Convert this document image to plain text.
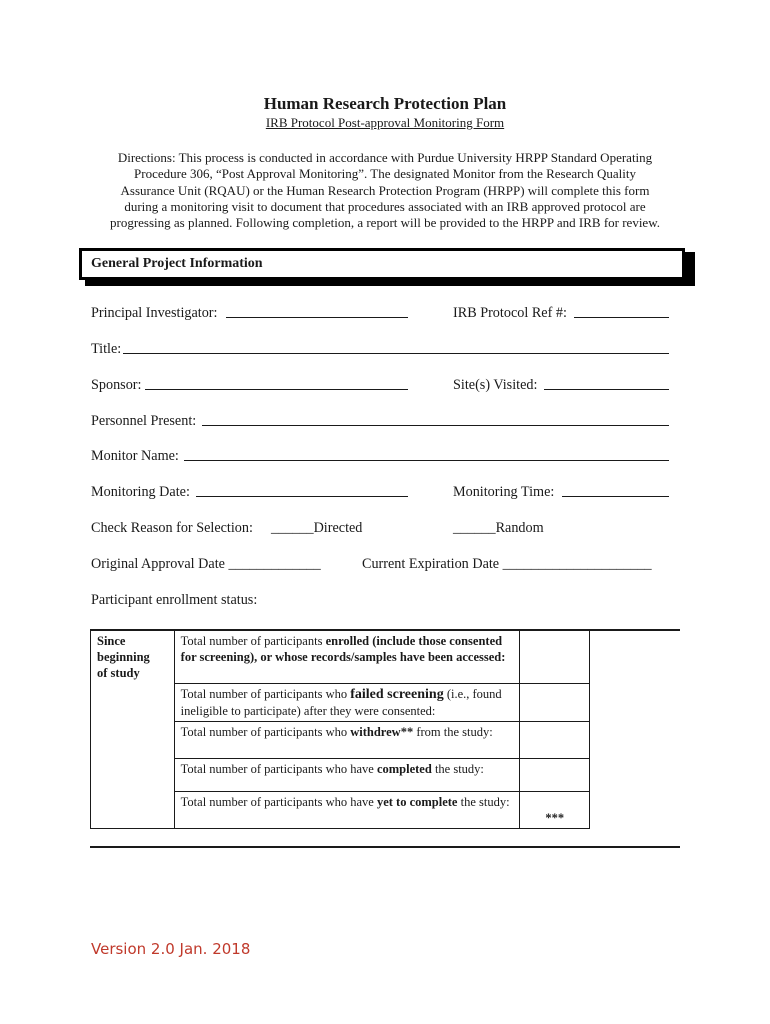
Human Research Protection Plan
IRB Protocol Post-approval Monitoring Form
Directions: This process is conducted in accordance with Purdue University HRPP Standard Operating
Procedure 306, “Post Approval Monitoring”. The designated Monitor from the Research Quality
Assurance Unit (RQAU) or the Human Research Protection Program (HRPP) will complete this form
during a monitoring visit to document that procedures associated with an IRB approved protocol are
progressing as planned. Following completion, a report will be provided to the HRPP and IRB for review.
General Project Information
Principal Investigator:	IRB Protocol Ref #:
Title:
Sponsor:	Site(s) Visited:
Personnel Present:
Monitor Name:
Monitoring Date:	Monitoring Time:
Check Reason for Selection: ______Directed	______Random
Original Approval Date _____________	Current Expiration Date _____________________
Participant enrollment status:
Since
beginning
of study	Total number of participants enrolled (include those consented for screening), or whose records/samples have been accessed:	
	Total number of participants who failed screening (i.e., found ineligible to participate) after they were consented:	
	Total number of participants who withdrew** from the study:	
	Total number of participants who have completed the study:	
	Total number of participants who have yet to complete the study:	***
Version 2.0 Jan. 2018
